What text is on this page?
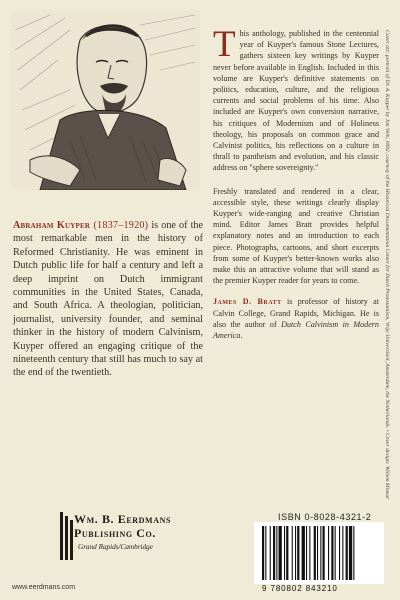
Abraham Kuyper (1837–1920) is one of the most remarkable men in the history of Reformed Christianity. He was eminent in Dutch public life for half a century and left a deep imprint on Dutch immigrant communities in the United States, Canada, and South Africa. A theologian, politician, journalist, university founder, and seminal thinker in the history of modern Calvinism, Kuyper offered an engaging critique of the nineteenth century that still has much to say at the end of the twentieth.

This anthology, published in the centennial year of Kuyper's famous Stone Lectures, gathers sixteen key writings by Kuyper never before available in English. Included in this volume are Kuyper's definitive statements on politics, education, culture, and the religious currents and social problems of his time. Also included are Kuyper's own conversion narrative, his critiques of Modernism and of Holiness theology, his proposals on common grace and Calvinist politics, his reflections on a culture in thrall to pantheism and evolution, and his classic address on "sphere sovereignty."

Freshly translated and rendered in a clear, accessible style, these writings clearly display Kuyper's wide-ranging and creative Christian mind. Editor James Bratt provides helpful explanatory notes and an introduction to each piece. Photographs, cartoons, and short excerpts from some of Kuyper's better-known works also make this an attractive volume that will stand as the premier Kuyper reader for years to come.

James D. Bratt is professor of history at Calvin College, Grand Rapids, Michigan. He is also the author of Dutch Calvinism in Modern America.	Cover art: portrait of Dr. A. Kuyper by Jan Veth, 1892, courtesy of the Historical Documentation Center for Dutch Protestantism, Vrije Universiteit, Amsterdam, the Netherlands. • Cover design: Willem Mineur
Wm. B. Eerdmans
Publishing Co.
Grand Rapids/Cambridge
www.eerdmans.com
ISBN 0-8028-4321-2
9 780802 843210
